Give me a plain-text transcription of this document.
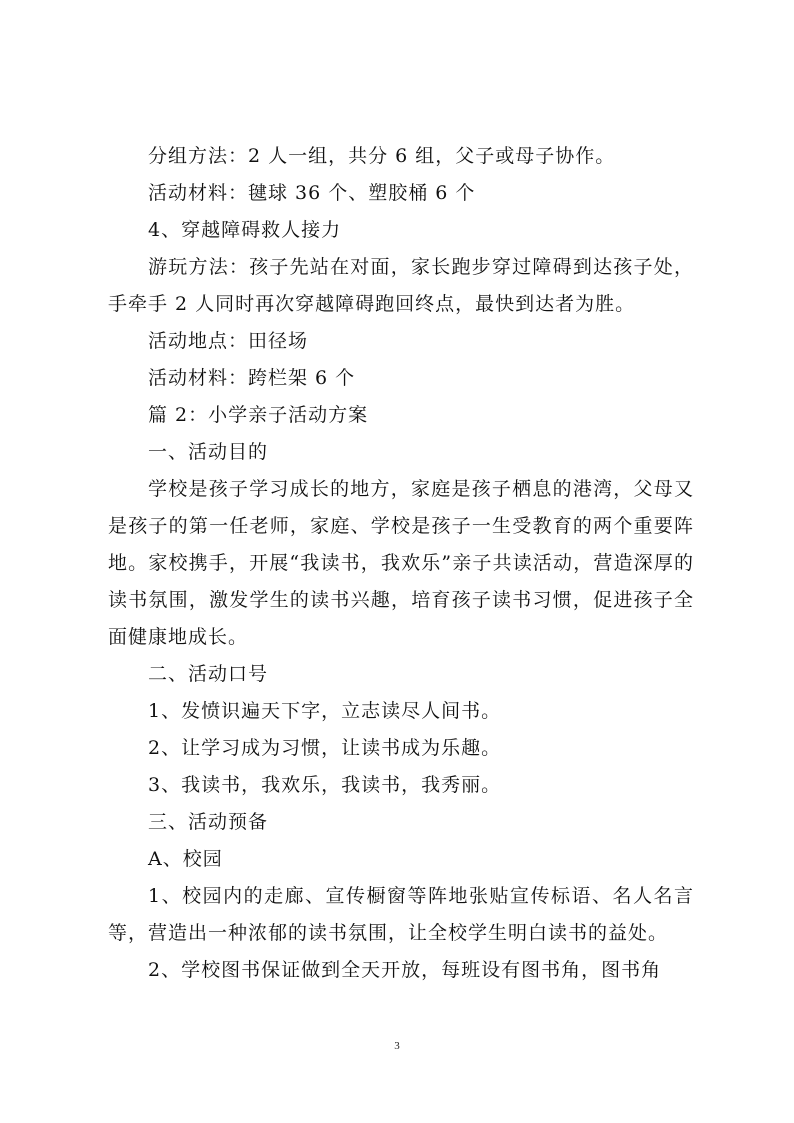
分组方法：2 人一组，共分 6 组，父子或母子协作。

活动材料：毽球 36 个、塑胶桶 6 个

4、穿越障碍救人接力

游玩方法：孩子先站在对面，家长跑步穿过障碍到达孩子处，手牵手 2 人同时再次穿越障碍跑回终点，最快到达者为胜。

活动地点：田径场

活动材料：跨栏架 6 个

篇 2：小学亲子活动方案

一、活动目的

学校是孩子学习成长的地方，家庭是孩子栖息的港湾，父母又是孩子的第一任老师，家庭、学校是孩子一生受教育的两个重要阵地。家校携手，开展“我读书，我欢乐”亲子共读活动，营造深厚的读书氛围，激发学生的读书兴趣，培育孩子读书习惯，促进孩子全面健康地成长。

二、活动口号

1、发愤识遍天下字，立志读尽人间书。

2、让学习成为习惯，让读书成为乐趣。

3、我读书，我欢乐，我读书，我秀丽。

三、活动预备

A、校园

1、校园内的走廊、宣传橱窗等阵地张贴宣传标语、名人名言等，营造出一种浓郁的读书氛围，让全校学生明白读书的益处。

2、学校图书保证做到全天开放，每班设有图书角，图书角

3
